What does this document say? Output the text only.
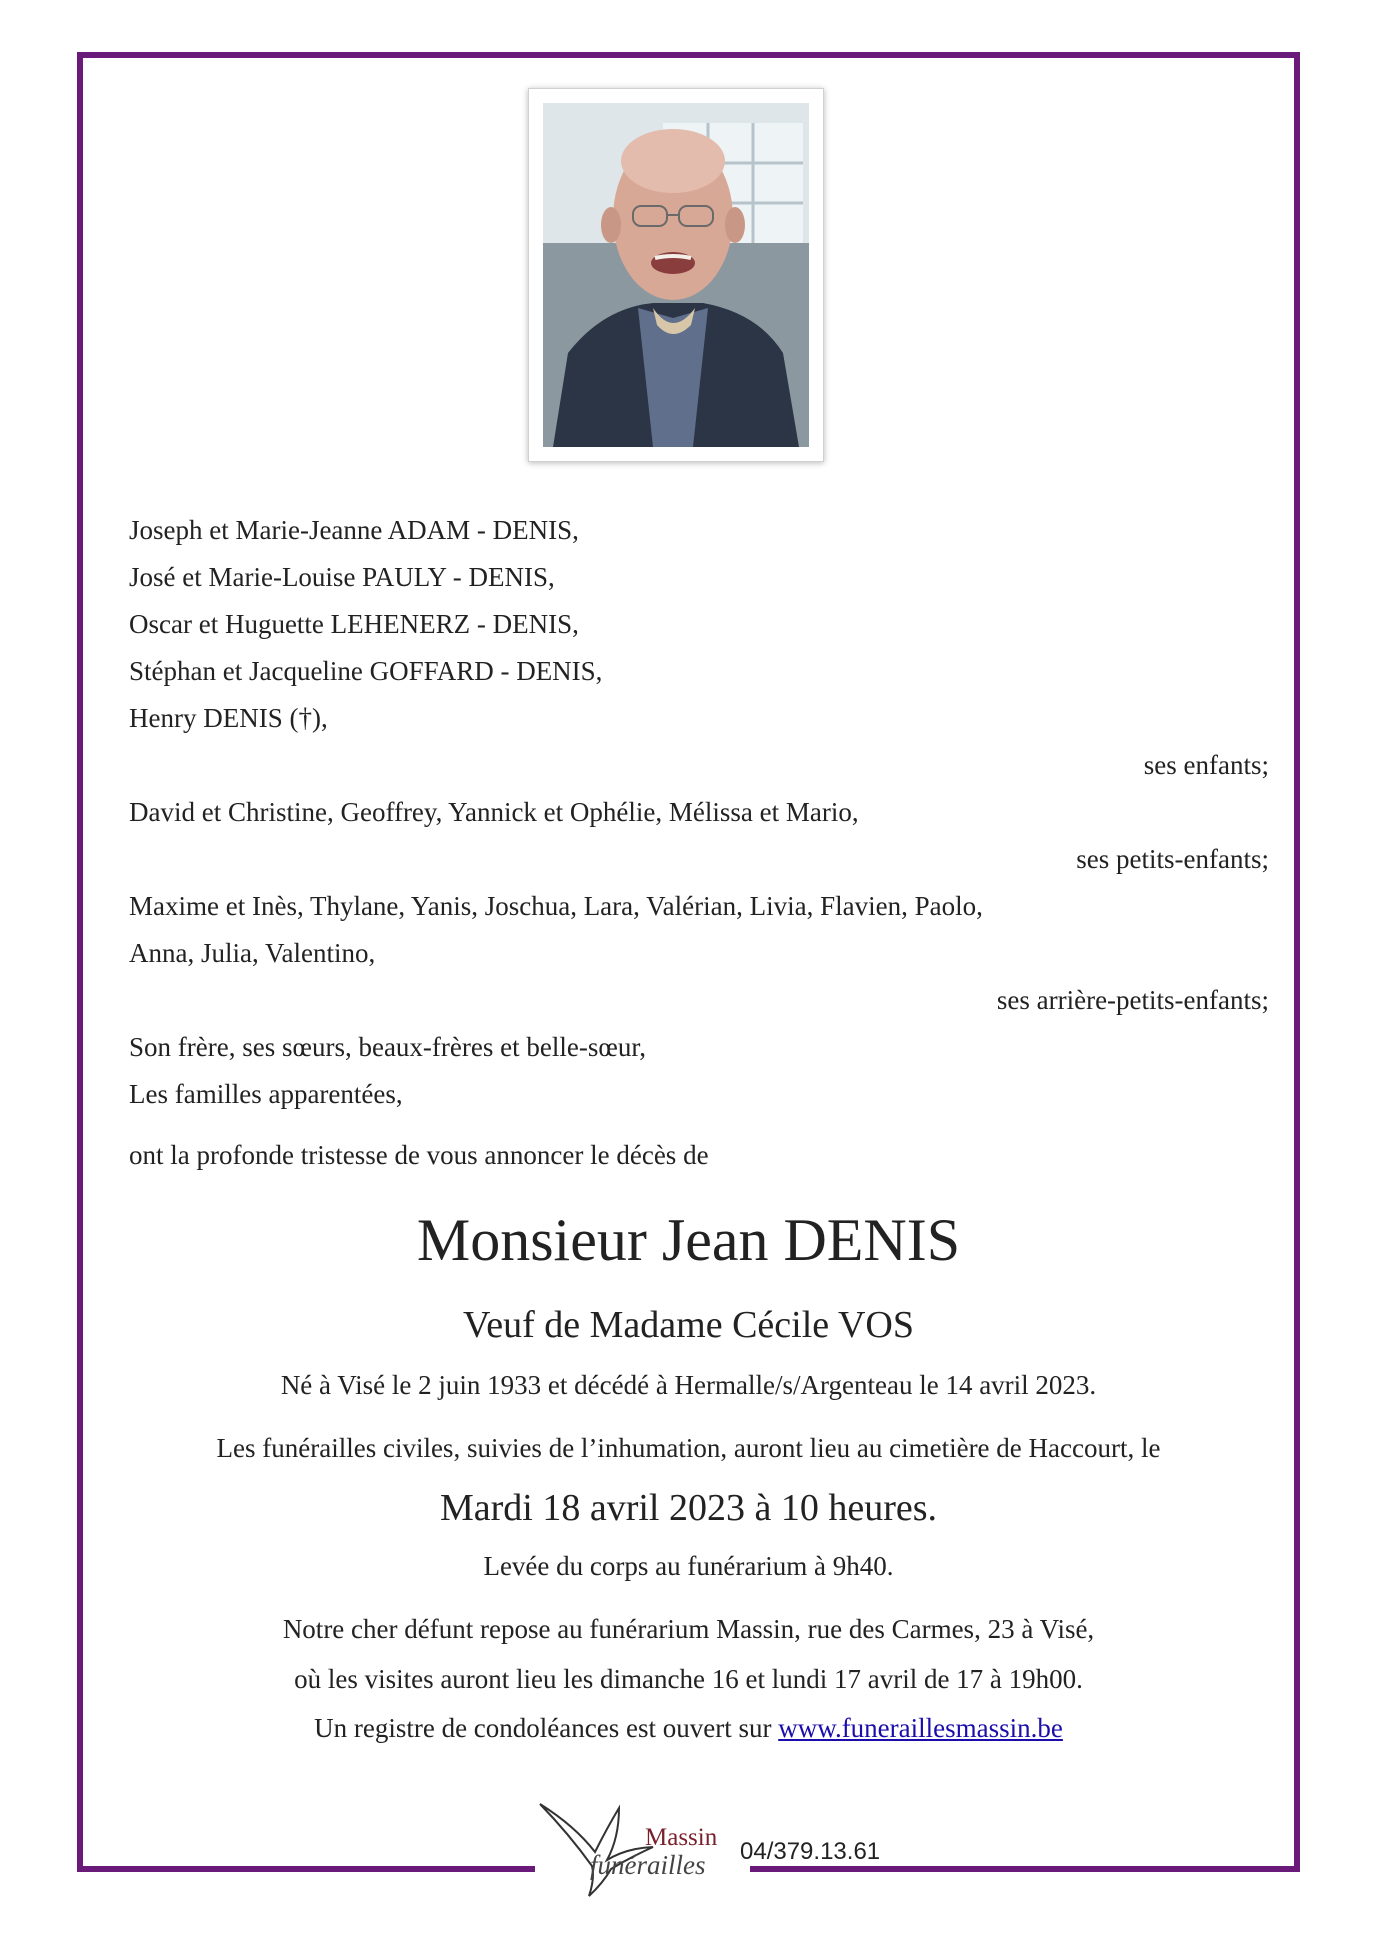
Joseph et Marie-Jeanne ADAM - DENIS,
José et Marie-Louise PAULY - DENIS,
Oscar et Huguette LEHENERZ - DENIS,
Stéphan et Jacqueline GOFFARD - DENIS,
Henry DENIS (†),
ses enfants;
David et Christine, Geoffrey, Yannick et Ophélie, Mélissa et Mario,
ses petits-enfants;
Maxime et Inès, Thylane, Yanis, Joschua, Lara, Valérian, Livia, Flavien, Paolo,
Anna, Julia, Valentino,
ses arrière-petits-enfants;
Son frère, ses sœurs, beaux-frères et belle-sœur,
Les familles apparentées,
ont la profonde tristesse de vous annoncer le décès de
Monsieur Jean DENIS
Veuf de Madame Cécile VOS
Né à Visé le 2 juin 1933 et décédé à Hermalle/s/Argenteau le 14 avril 2023.
Les funérailles civiles, suivies de l’inhumation, auront lieu au cimetière de Haccourt, le
Mardi 18 avril 2023 à 10 heures.
Levée du corps au funérarium à 9h40.
Notre cher défunt repose au funérarium Massin, rue des Carmes, 23 à Visé,
où les visites auront lieu les dimanche 16 et lundi 17 avril de 17 à 19h00.
Un registre de condoléances est ouvert sur www.funeraillesmassin.be
Massin
funérailles 04/379.13.61
